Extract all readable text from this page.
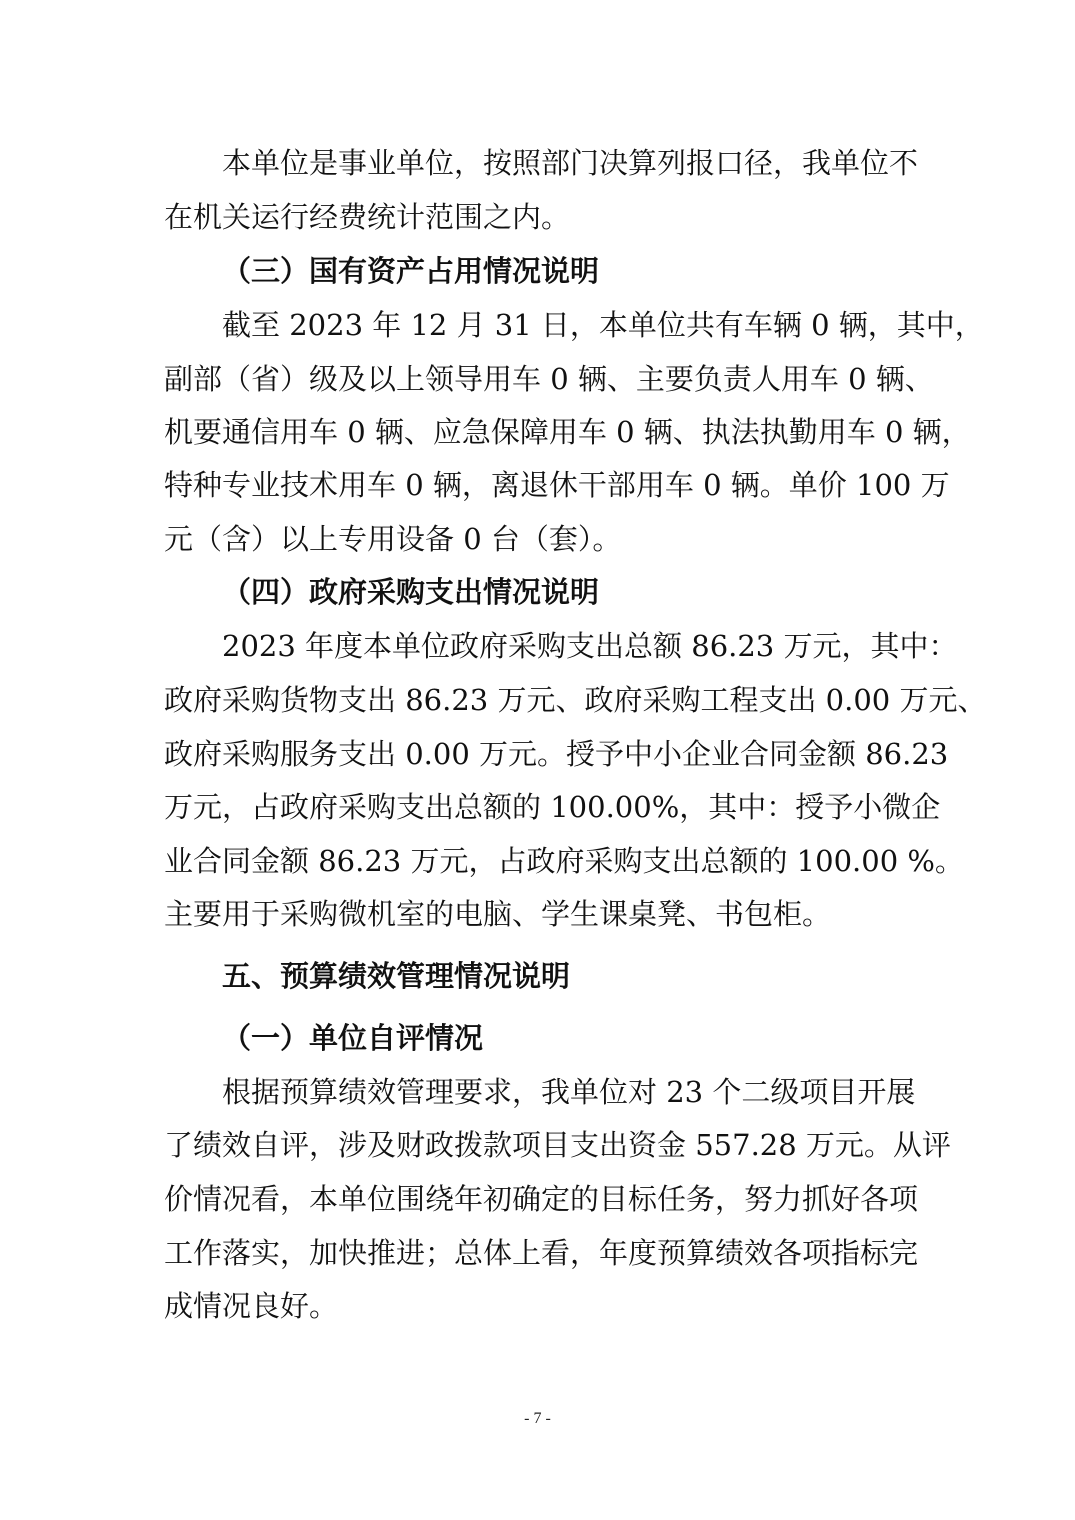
本单位是事业单位，按照部门决算列报口径，我单位不
在机关运行经费统计范围之内。
（三）国有资产占用情况说明
截至 2023 年 12 月 31 日，本单位共有车辆 0 辆，其中，
副部（省）级及以上领导用车 0 辆、主要负责人用车 0 辆、
机要通信用车 0 辆、应急保障用车 0 辆、执法执勤用车 0 辆，
特种专业技术用车 0 辆，离退休干部用车 0 辆。单价 100 万
元（含）以上专用设备 0 台（套）。
（四）政府采购支出情况说明
2023 年度本单位政府采购支出总额 86.23 万元，其中：
政府采购货物支出 86.23 万元、政府采购工程支出 0.00 万元、
政府采购服务支出 0.00 万元。授予中小企业合同金额 86.23
万元，占政府采购支出总额的 100.00%，其中：授予小微企
业合同金额 86.23 万元，占政府采购支出总额的 100.00 %。
主要用于采购微机室的电脑、学生课桌凳、书包柜。
五、预算绩效管理情况说明
（一）单位自评情况
根据预算绩效管理要求，我单位对 23 个二级项目开展
了绩效自评，涉及财政拨款项目支出资金 557.28 万元。从评
价情况看，本单位围绕年初确定的目标任务，努力抓好各项
工作落实，加快推进；总体上看，年度预算绩效各项指标完
成情况良好。
- 7 -
